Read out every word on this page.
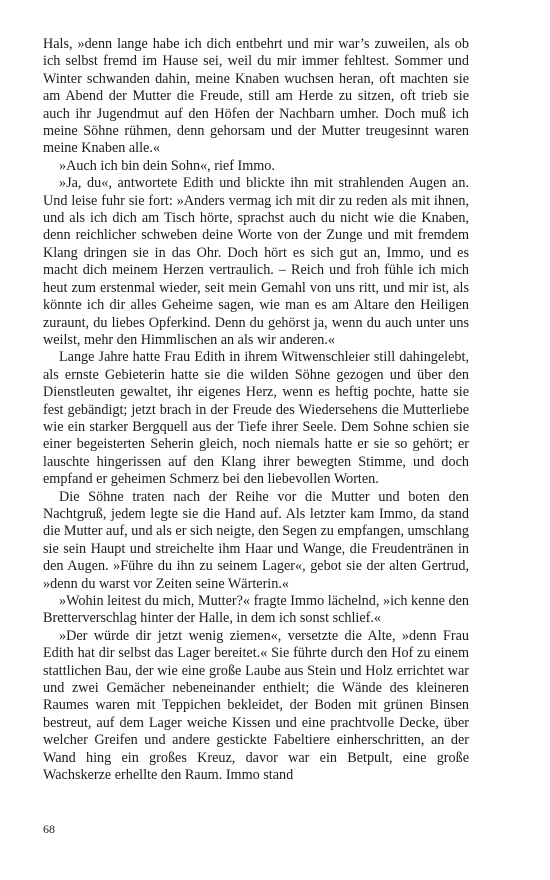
Hals, »denn lange habe ich dich entbehrt und mir war’s zuweilen, als ob ich selbst fremd im Hause sei, weil du mir immer fehltest. Sommer und Winter schwanden dahin, meine Knaben wuchsen heran, oft machten sie am Abend der Mutter die Freude, still am Herde zu sitzen, oft trieb sie auch ihr Jugendmut auf den Höfen der Nachbarn umher. Doch muß ich meine Söhne rühmen, denn gehorsam und der Mutter treugesinnt waren meine Knaben alle.«

»Auch ich bin dein Sohn«, rief Immo.

»Ja, du«, antwortete Edith und blickte ihn mit strahlenden Augen an. Und leise fuhr sie fort: »Anders vermag ich mit dir zu reden als mit ihnen, und als ich dich am Tisch hörte, sprachst auch du nicht wie die Knaben, denn reichlicher schweben deine Worte von der Zunge und mit fremdem Klang dringen sie in das Ohr. Doch hört es sich gut an, Immo, und es macht dich meinem Herzen vertraulich. – Reich und froh fühle ich mich heut zum erstenmal wieder, seit mein Gemahl von uns ritt, und mir ist, als könnte ich dir alles Geheime sagen, wie man es am Altare den Heiligen zuraunt, du liebes Opferkind. Denn du gehörst ja, wenn du auch unter uns weilst, mehr den Himmlischen an als wir anderen.«

Lange Jahre hatte Frau Edith in ihrem Witwenschleier still dahingelebt, als ernste Gebieterin hatte sie die wilden Söhne gezogen und über den Dienstleuten gewaltet, ihr eigenes Herz, wenn es heftig pochte, hatte sie fest gebändigt; jetzt brach in der Freude des Wiedersehens die Mutterliebe wie ein starker Bergquell aus der Tiefe ihrer Seele. Dem Sohne schien sie einer begeisterten Seherin gleich, noch niemals hatte er sie so gehört; er lauschte hingerissen auf den Klang ihrer bewegten Stimme, und doch empfand er geheimen Schmerz bei den liebevollen Worten.

Die Söhne traten nach der Reihe vor die Mutter und boten den Nachtgruß, jedem legte sie die Hand auf. Als letzter kam Immo, da stand die Mutter auf, und als er sich neigte, den Segen zu empfangen, umschlang sie sein Haupt und streichelte ihm Haar und Wange, die Freudentränen in den Augen. »Führe du ihn zu seinem Lager«, gebot sie der alten Gertrud, »denn du warst vor Zeiten seine Wärterin.«

»Wohin leitest du mich, Mutter?« fragte Immo lächelnd, »ich kenne den Bretterverschlag hinter der Halle, in dem ich sonst schlief.«

»Der würde dir jetzt wenig ziemen«, versetzte die Alte, »denn Frau Edith hat dir selbst das Lager bereitet.« Sie führte durch den Hof zu einem stattlichen Bau, der wie eine große Laube aus Stein und Holz errichtet war und zwei Gemächer nebeneinander enthielt; die Wände des kleineren Raumes waren mit Teppichen bekleidet, der Boden mit grünen Binsen bestreut, auf dem Lager weiche Kissen und eine prachtvolle Decke, über welcher Greifen und andere gestickte Fabeltiere einherschritten, an der Wand hing ein großes Kreuz, davor war ein Betpult, eine große Wachskerze erhellte den Raum. Immo stand

68
